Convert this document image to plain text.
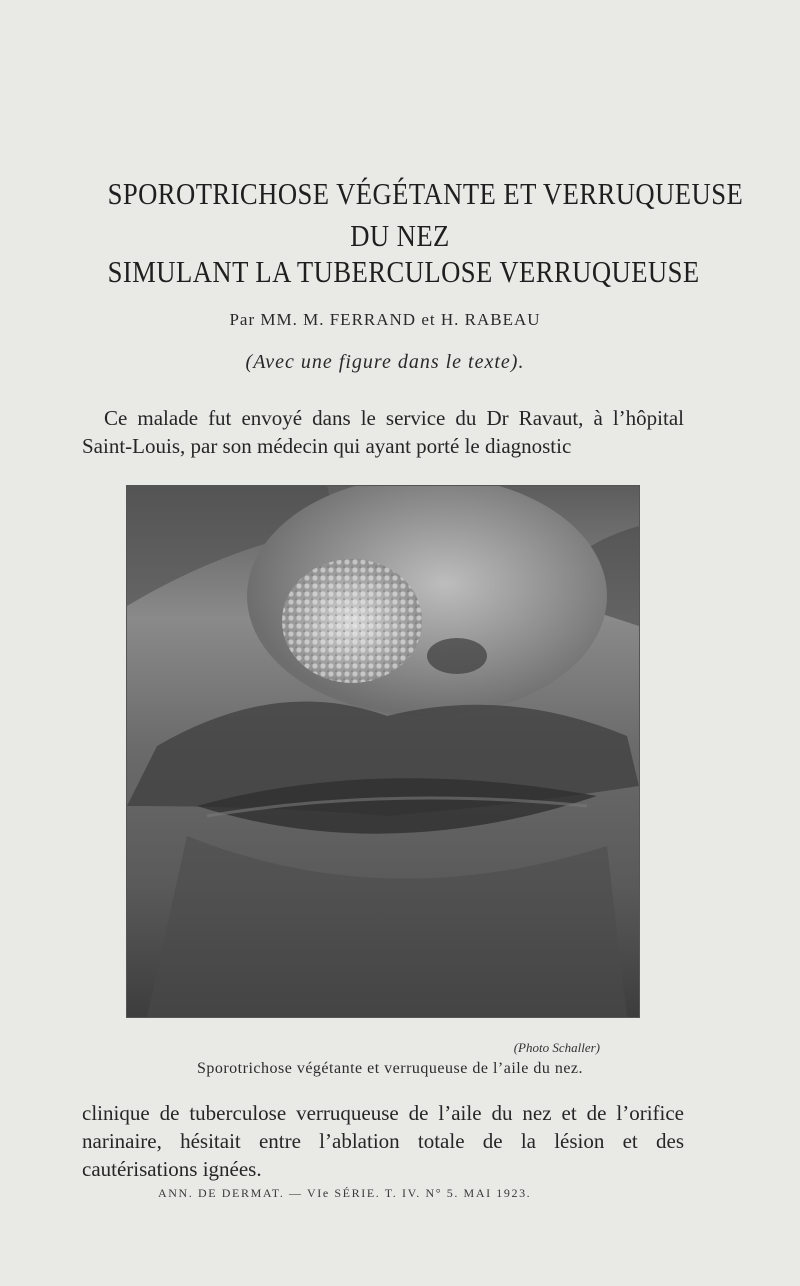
SPOROTRICHOSE VÉGÉTANTE ET VERRUQUEUSE
DU NEZ
SIMULANT LA TUBERCULOSE VERRUQUEUSE
Par MM. M. FERRAND et H. RABEAU
(Avec une figure dans le texte).
Ce malade fut envoyé dans le service du Dr Ravaut, à l’hôpital Saint-Louis, par son médecin qui ayant porté le diagnostic
(Photo Schaller)
Sporotrichose végétante et verruqueuse de l’aile du nez.
clinique de tuberculose verruqueuse de l’aile du nez et de l’orifice narinaire, hésitait entre l’ablation totale de la lésion et des cautérisations ignées.
ANN. DE DERMAT. — VIe SÉRIE. T. IV. N° 5. MAI 1923.
